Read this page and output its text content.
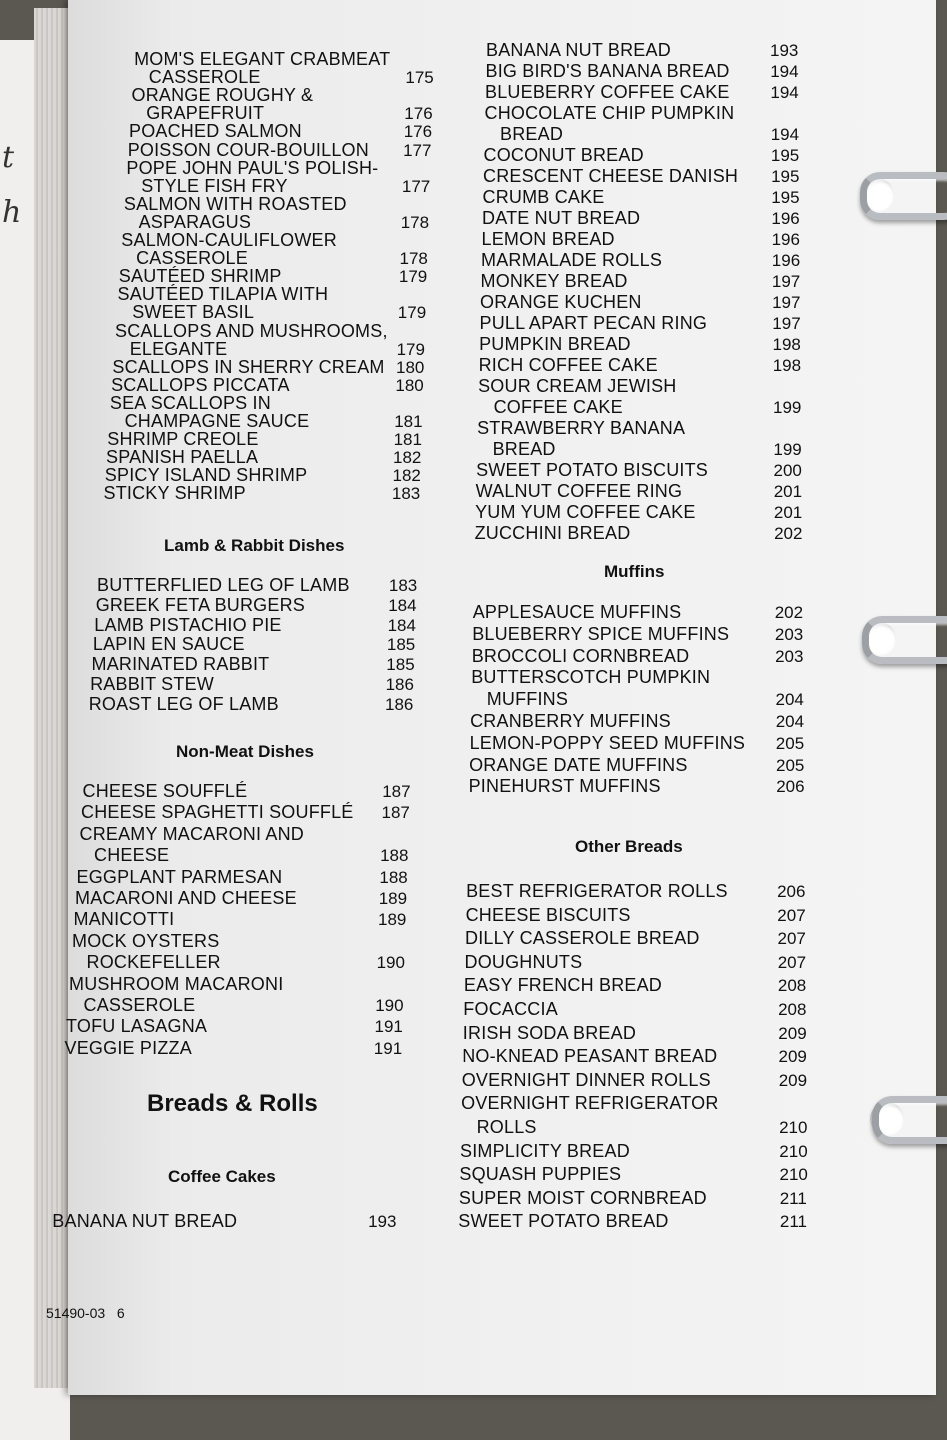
t
h
MOM'S ELEGANT CRABMEAT
CASSEROLE	175
ORANGE ROUGHY &
GRAPEFRUIT	176
POACHED SALMON	176
POISSON COUR-BOUILLON 177
POPE JOHN PAUL'S POLISH-
STYLE FISH FRY	177
SALMON WITH ROASTED
ASPARAGUS	178
SALMON-CAULIFLOWER
CASSEROLE	178
SAUTÉED SHRIMP	179
SAUTÉED TILAPIA WITH
SWEET BASIL	179
SCALLOPS AND MUSHROOMS,
ELEGANTE	179
SCALLOPS IN SHERRY CREAM 180
SCALLOPS PICCATA	180
SEA SCALLOPS IN
CHAMPAGNE SAUCE	181
SHRIMP CREOLE	181
SPANISH PAELLA	182
SPICY ISLAND SHRIMP	182
STICKY SHRIMP	183
Lamb & Rabbit Dishes
BUTTERFLIED LEG OF LAMB 183
GREEK FETA BURGERS	184
LAMB PISTACHIO PIE	184
LAPIN EN SAUCE	185
MARINATED RABBIT	185
RABBIT STEW	186
ROAST LEG OF LAMB	186
Non-Meat Dishes
CHEESE SOUFFLÉ	187
CHEESE SPAGHETTI SOUFFLÉ 187
CREAMY MACARONI AND
CHEESE	188
EGGPLANT PARMESAN	188
MACARONI AND CHEESE	189
MANICOTTI	189
MOCK OYSTERS
ROCKEFELLER	190
MUSHROOM MACARONI
CASSEROLE	190
TOFU LASAGNA	191
VEGGIE PIZZA	191
Breads & Rolls
Coffee Cakes
BANANA NUT BREAD	193
BANANA NUT BREAD	193
BIG BIRD'S BANANA BREAD 194
BLUEBERRY COFFEE CAKE 194
CHOCOLATE CHIP PUMPKIN
BREAD	194
COCONUT BREAD	195
CRESCENT CHEESE DANISH 195
CRUMB CAKE	195
DATE NUT BREAD	196
LEMON BREAD	196
MARMALADE ROLLS	196
MONKEY BREAD	197
ORANGE KUCHEN	197
PULL APART PECAN RING	197
PUMPKIN BREAD	198
RICH COFFEE CAKE	198
SOUR CREAM JEWISH
COFFEE CAKE	199
STRAWBERRY BANANA
BREAD	199
SWEET POTATO BISCUITS	200
WALNUT COFFEE RING	201
YUM YUM COFFEE CAKE	201
ZUCCHINI BREAD	202
Muffins
APPLESAUCE MUFFINS	202
BLUEBERRY SPICE MUFFINS	203
BROCCOLI CORNBREAD	203
BUTTERSCOTCH PUMPKIN
MUFFINS	204
CRANBERRY MUFFINS	204
LEMON-POPPY SEED MUFFINS 205
ORANGE DATE MUFFINS	205
PINEHURST MUFFINS	206
Other Breads
BEST REFRIGERATOR ROLLS	206
CHEESE BISCUITS	207
DILLY CASSEROLE BREAD	207
DOUGHNUTS	207
EASY FRENCH BREAD	208
FOCACCIA	208
IRISH SODA BREAD	209
NO-KNEAD PEASANT BREAD	209
OVERNIGHT DINNER ROLLS	209
OVERNIGHT REFRIGERATOR
ROLLS	210
SIMPLICITY BREAD	210
SQUASH PUPPIES	210
SUPER MOIST CORNBREAD	211
SWEET POTATO BREAD	211
51490-03 6
